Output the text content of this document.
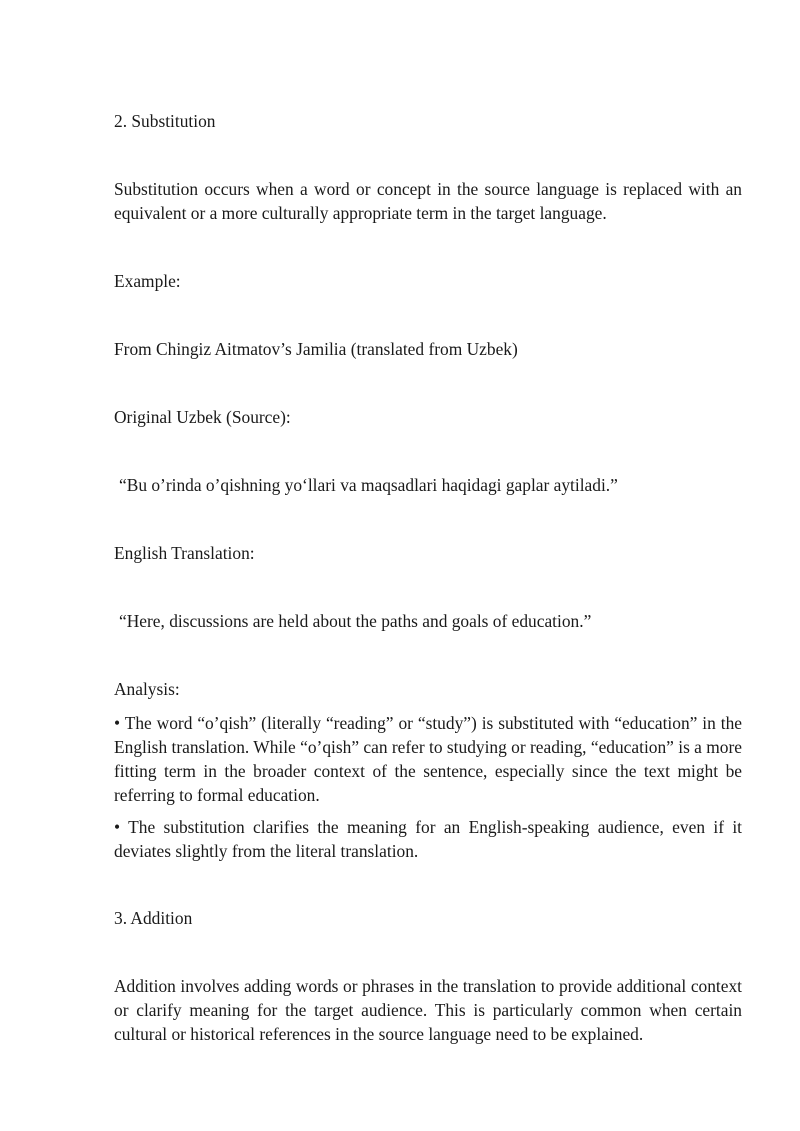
2. Substitution

Substitution occurs when a word or concept in the source language is replaced with an equivalent or a more culturally appropriate term in the target language.

Example:

From Chingiz Aitmatov’s Jamilia (translated from Uzbek)

Original Uzbek (Source):

“Bu o’rinda o’qishning yo‘llari va maqsadlari haqidagi gaplar aytiladi.”

English Translation:

“Here, discussions are held about the paths and goals of education.”

Analysis:

• The word “o’qish” (literally “reading” or “study”) is substituted with “education” in the English translation. While “o’qish” can refer to studying or reading, “education” is a more fitting term in the broader context of the sentence, especially since the text might be referring to formal education.

• The substitution clarifies the meaning for an English-speaking audience, even if it deviates slightly from the literal translation.

3. Addition

Addition involves adding words or phrases in the translation to provide additional context or clarify meaning for the target audience. This is particularly common when certain cultural or historical references in the source language need to be explained.
